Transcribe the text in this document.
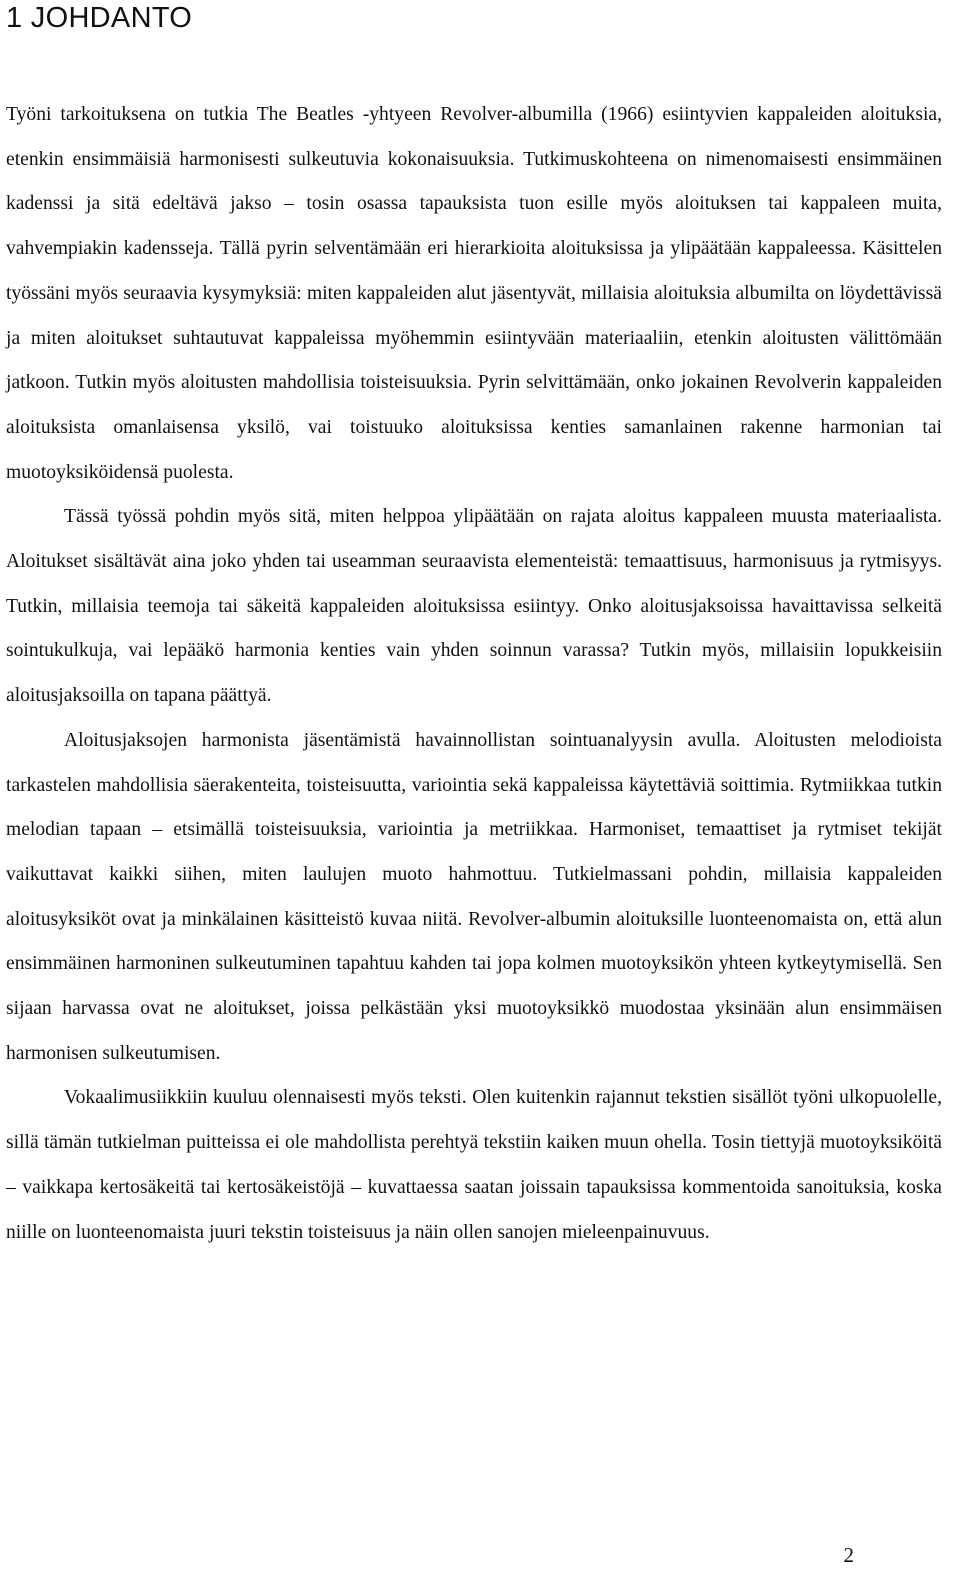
1 JOHDANTO

Työni tarkoituksena on tutkia The Beatles -yhtyeen Revolver-albumilla (1966) esiintyvien kappaleiden aloituksia, etenkin ensimmäisiä harmonisesti sulkeutuvia kokonaisuuksia. Tutkimuskohteena on nimenomaisesti ensimmäinen kadenssi ja sitä edeltävä jakso – tosin osassa tapauksista tuon esille myös aloituksen tai kappaleen muita, vahvempiakin kadensseja. Tällä pyrin selventämään eri hierarkioita aloituksissa ja ylipäätään kappaleessa. Käsittelen työssäni myös seuraavia kysymyksiä: miten kappaleiden alut jäsentyvät, millaisia aloituksia albumilta on löydettävissä ja miten aloitukset suhtautuvat kappaleissa myöhemmin esiintyvään materiaaliin, etenkin aloitusten välittömään jatkoon. Tutkin myös aloitusten mahdollisia toisteisuuksia. Pyrin selvittämään, onko jokainen Revolverin kappaleiden aloituksista omanlaisensa yksilö, vai toistuuko aloituksissa kenties samanlainen rakenne harmonian tai muotoyksiköidensä puolesta.

Tässä työssä pohdin myös sitä, miten helppoa ylipäätään on rajata aloitus kappaleen muusta materiaalista. Aloitukset sisältävät aina joko yhden tai useamman seuraavista elementeistä: temaattisuus, harmonisuus ja rytmisyys. Tutkin, millaisia teemoja tai säkeitä kappaleiden aloituksissa esiintyy. Onko aloitusjaksoissa havaittavissa selkeitä sointukulkuja, vai lepääkö harmonia kenties vain yhden soinnun varassa? Tutkin myös, millaisiin lopukkeisiin aloitusjaksoilla on tapana päättyä.

Aloitusjaksojen harmonista jäsentämistä havainnollistan sointuanalyysin avulla. Aloitusten melodioista tarkastelen mahdollisia säerakenteita, toisteisuutta, variointia sekä kappaleissa käytettäviä soittimia. Rytmiikkaa tutkin melodian tapaan – etsimällä toisteisuuksia, variointia ja metriikkaa. Harmoniset, temaattiset ja rytmiset tekijät vaikuttavat kaikki siihen, miten laulujen muoto hahmottuu. Tutkielmassani pohdin, millaisia kappaleiden aloitusyksiköt ovat ja minkälainen käsitteistö kuvaa niitä. Revolver-albumin aloituksille luonteenomaista on, että alun ensimmäinen harmoninen sulkeutuminen tapahtuu kahden tai jopa kolmen muotoyksikön yhteen kytkeytymisellä. Sen sijaan harvassa ovat ne aloitukset, joissa pelkästään yksi muotoyksikkö muodostaa yksinään alun ensimmäisen harmonisen sulkeutumisen.

Vokaalimusiikkiin kuuluu olennaisesti myös teksti. Olen kuitenkin rajannut tekstien sisällöt työni ulkopuolelle, sillä tämän tutkielman puitteissa ei ole mahdollista perehtyä tekstiin kaiken muun ohella. Tosin tiettyjä muotoyksiköitä – vaikkapa kertosäkeitä tai kertosäkeistöjä – kuvattaessa saatan joissain tapauksissa kommentoida sanoituksia, koska niille on luonteenomaista juuri tekstin toisteisuus ja näin ollen sanojen mieleenpainuvuus.

2
